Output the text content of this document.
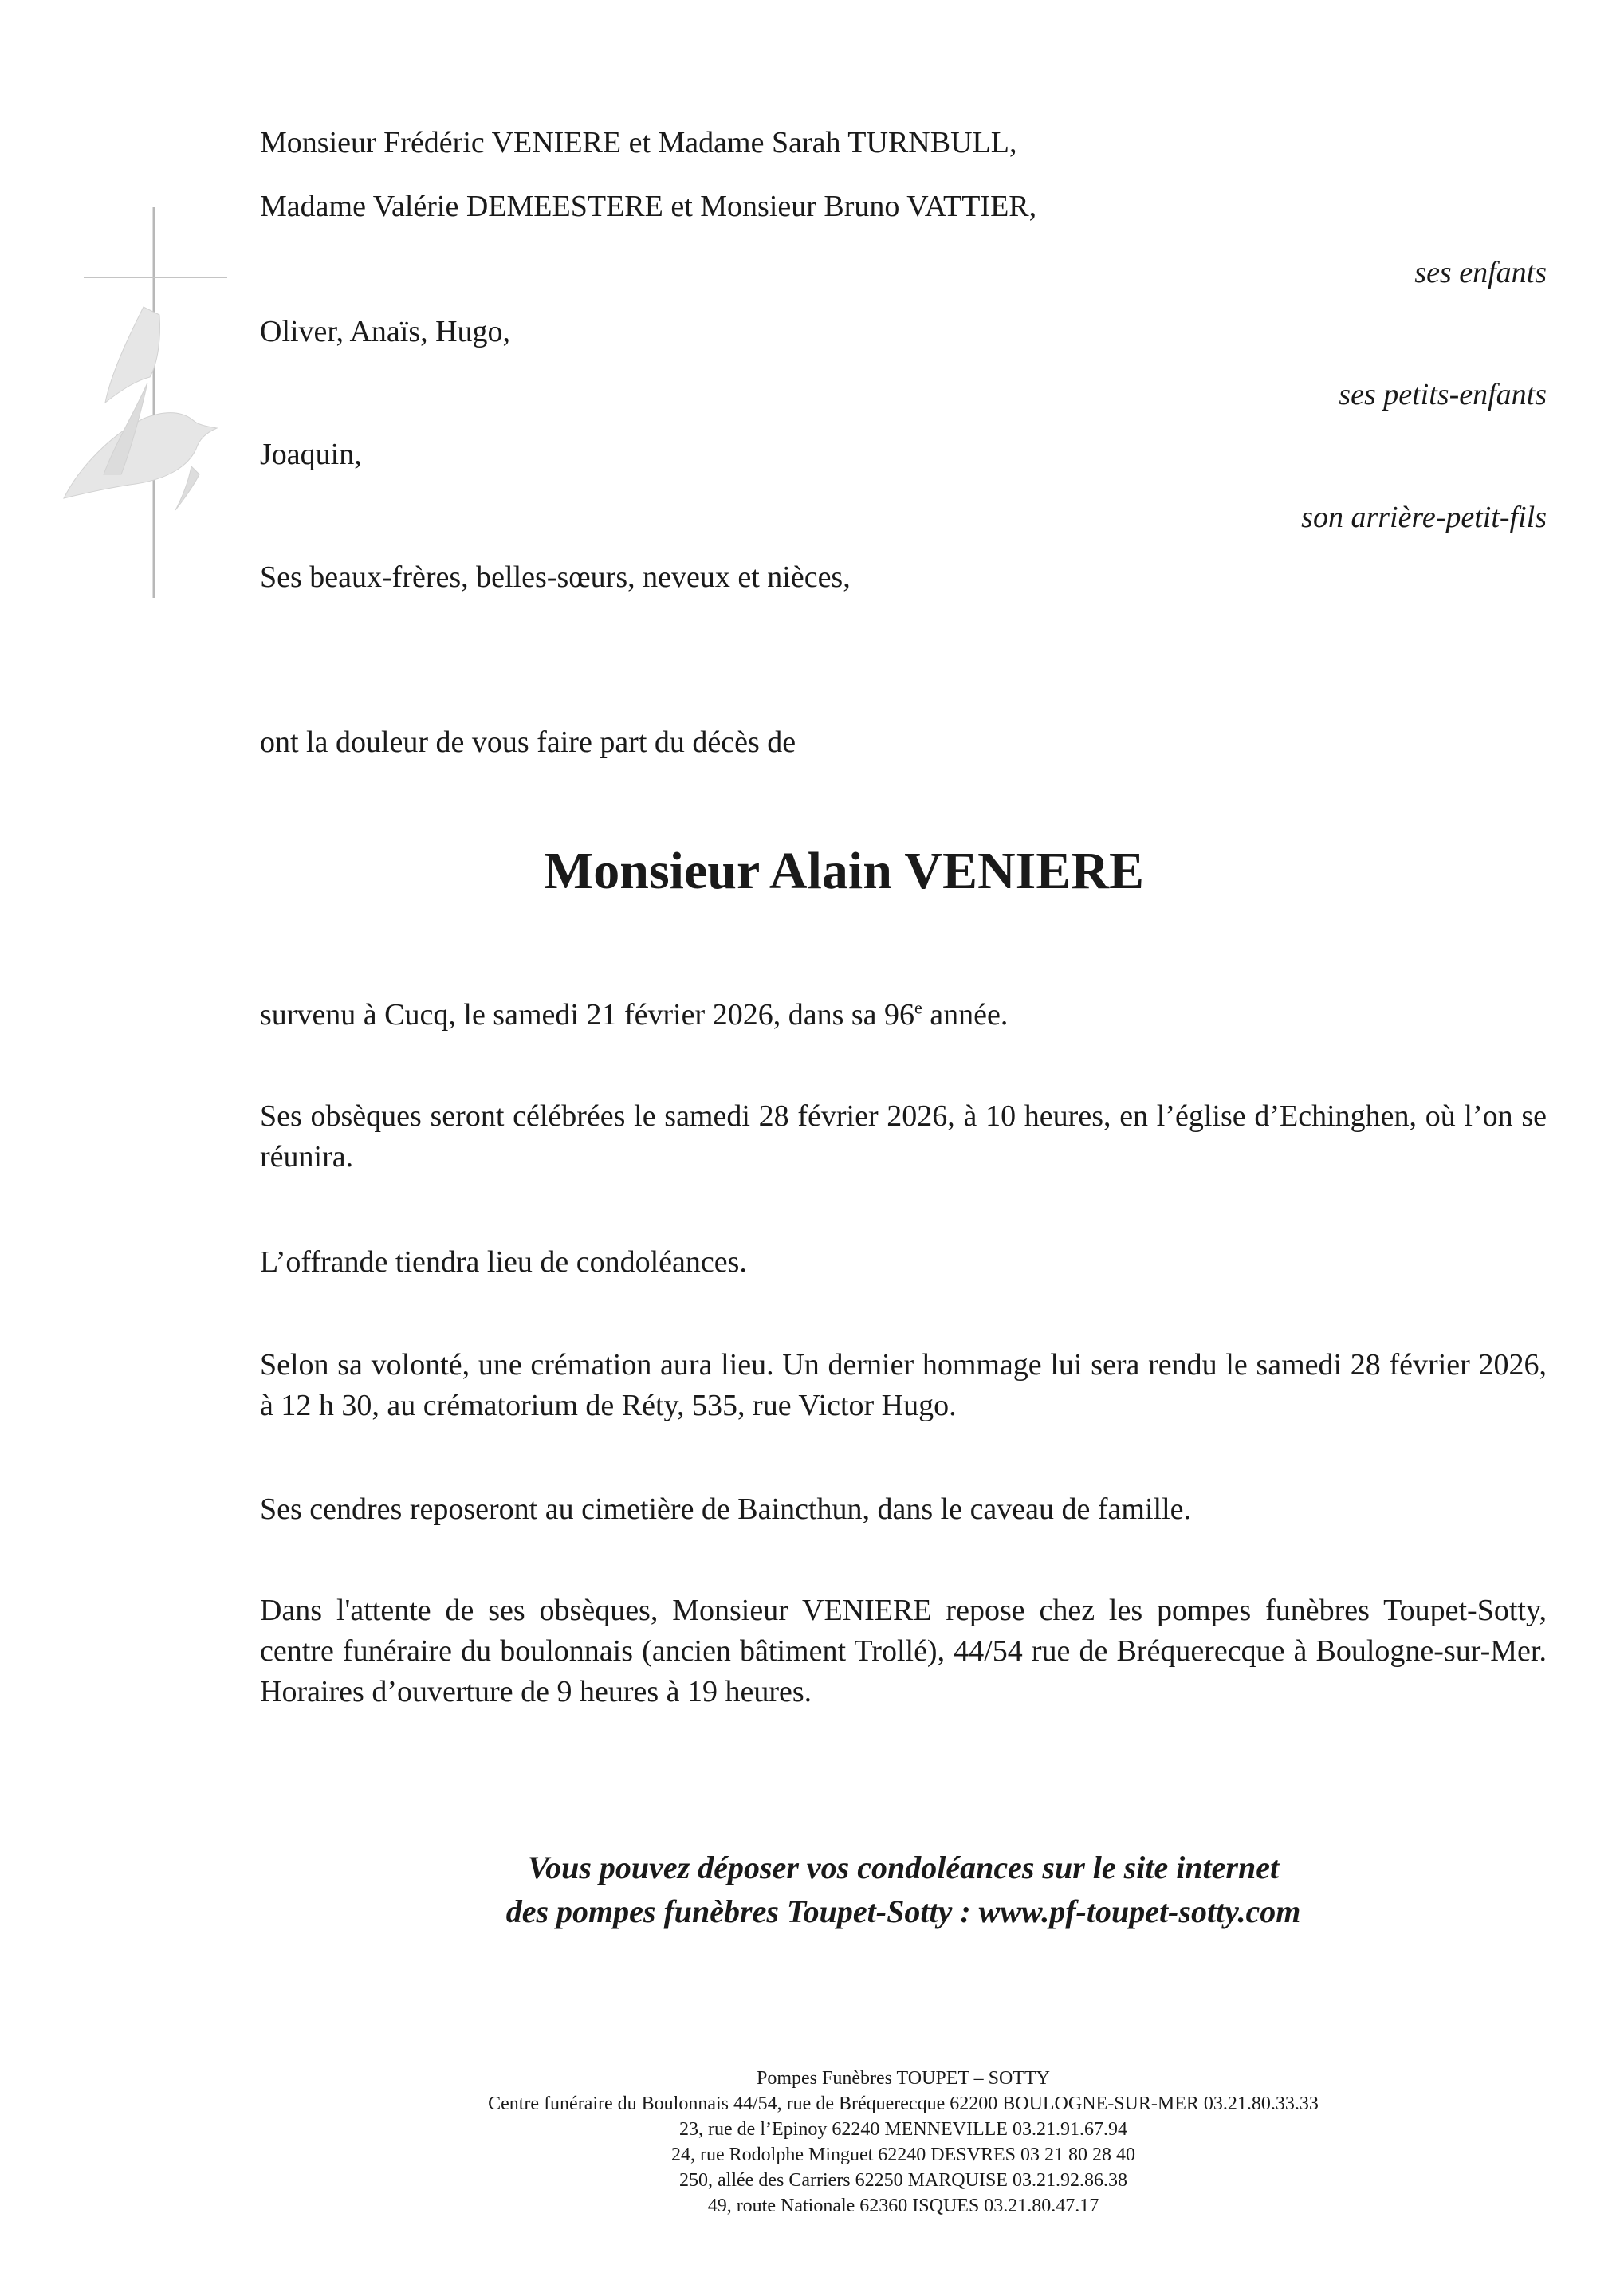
Monsieur Frédéric VENIERE et Madame Sarah TURNBULL,
Madame Valérie DEMEESTERE et Monsieur Bruno VATTIER,
ses enfants
Oliver, Anaïs, Hugo,
ses petits-enfants
Joaquin,
son arrière-petit-fils
Ses beaux-frères, belles-sœurs, neveux et nièces,
ont la douleur de vous faire part du décès de
Monsieur Alain VENIERE
survenu à Cucq, le samedi 21 février 2026, dans sa 96e année.
Ses obsèques seront célébrées le samedi 28 février 2026, à 10 heures, en l’église d’Echinghen, où l’on se réunira.
L’offrande tiendra lieu de condoléances.
Selon sa volonté, une crémation aura lieu. Un dernier hommage lui sera rendu le samedi 28 février 2026, à 12 h 30, au crématorium de Réty, 535, rue Victor Hugo.
Ses cendres reposeront au cimetière de Baincthun, dans le caveau de famille.
Dans l'attente de ses obsèques, Monsieur VENIERE repose chez les pompes funèbres Toupet-Sotty, centre funéraire du boulonnais (ancien bâtiment Trollé), 44/54 rue de Bréquerecque à Boulogne-sur-Mer. Horaires d’ouverture de 9 heures à 19 heures.
Vous pouvez déposer vos condoléances sur le site internet
des pompes funèbres Toupet-Sotty : www.pf-toupet-sotty.com
Pompes Funèbres TOUPET – SOTTY
Centre funéraire du Boulonnais 44/54, rue de Bréquerecque 62200 BOULOGNE-SUR-MER 03.21.80.33.33
23, rue de l’Epinoy 62240 MENNEVILLE 03.21.91.67.94
24, rue Rodolphe Minguet 62240 DESVRES 03 21 80 28 40
250, allée des Carriers 62250 MARQUISE 03.21.92.86.38
49, route Nationale 62360 ISQUES 03.21.80.47.17
